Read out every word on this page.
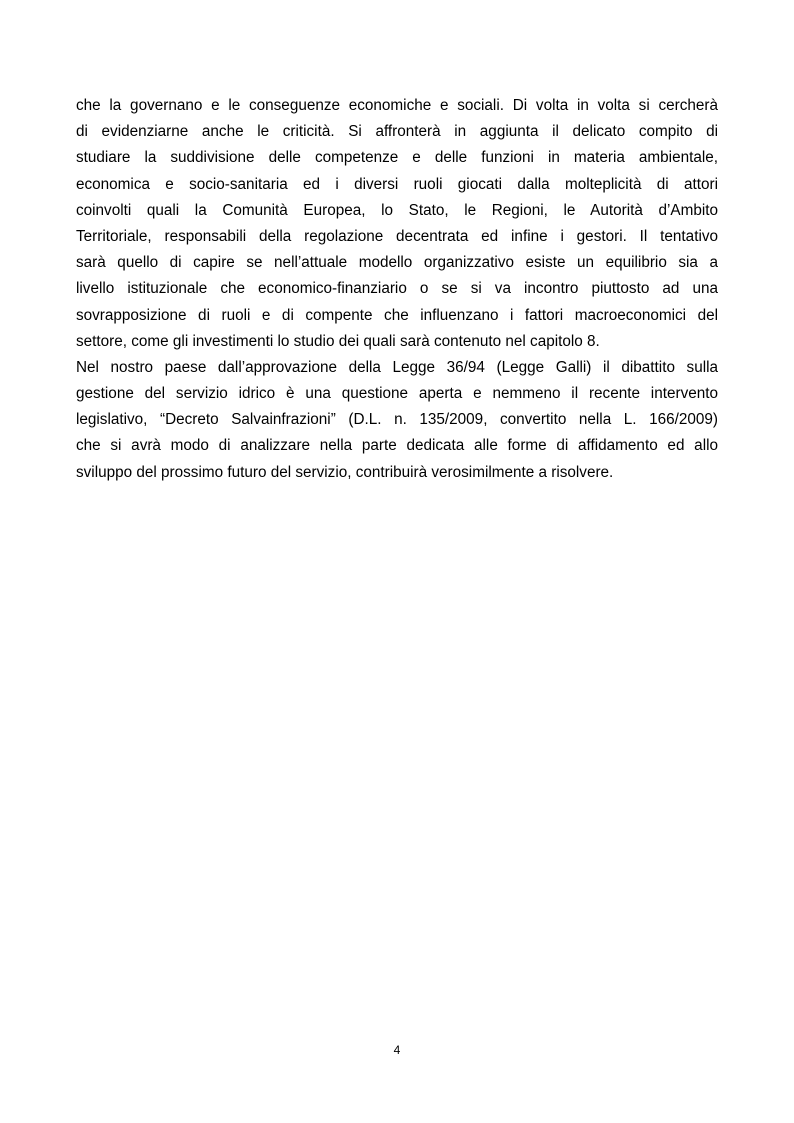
che la governano e le conseguenze economiche e sociali. Di volta in volta si cercherà
di evidenziarne anche le criticità. Si affronterà in aggiunta il delicato compito di
studiare la suddivisione delle competenze e delle funzioni in materia ambientale,
economica e socio-sanitaria ed i diversi ruoli giocati dalla molteplicità di attori
coinvolti quali la Comunità Europea, lo Stato, le Regioni, le Autorità d’Ambito
Territoriale, responsabili della regolazione decentrata ed infine i gestori. Il tentativo
sarà quello di capire se nell’attuale modello organizzativo esiste un equilibrio sia a
livello istituzionale che economico-finanziario o se si va incontro piuttosto ad una
sovrapposizione di ruoli e di compente che influenzano i fattori macroeconomici del
settore, come gli investimenti lo studio dei quali sarà contenuto nel capitolo 8.
Nel nostro paese dall’approvazione della Legge 36/94 (Legge Galli) il dibattito sulla
gestione del servizio idrico è una questione aperta e nemmeno il recente intervento
legislativo, “Decreto Salvainfrazioni” (D.L. n. 135/2009, convertito nella L. 166/2009)
che si avrà modo di analizzare nella parte dedicata alle forme di affidamento ed allo
sviluppo del prossimo futuro del servizio, contribuirà verosimilmente a risolvere.
4
